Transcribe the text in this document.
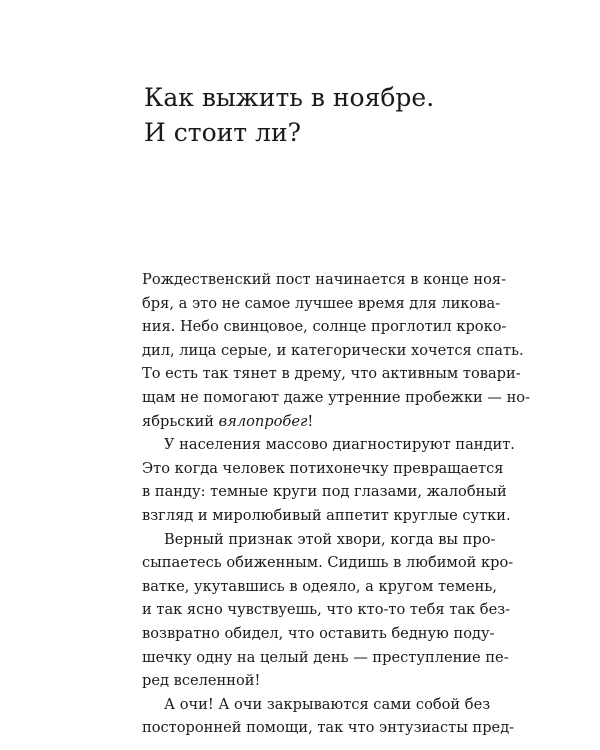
Как выжить в ноябре.
И стоит ли?
Рождественский пост начинается в конце ноя-
бря, а это не самое лучшее время для ликова-
ния. Небо свинцовое, солнце проглотил кроко-
дил, лица серые, и категорически хочется спать.
То есть так тянет в дрему, что активным товари-
щам не помогают даже утренние пробежки — но-
ябрьский вялопробег!
У населения массово диагностируют пандит.
Это когда человек потихонечку превращается
в панду: темные круги под глазами, жалобный
взгляд и миролюбивый аппетит круглые сутки.
Верный признак этой хвори, когда вы про-
сыпаетесь обиженным. Сидишь в любимой кро-
ватке, укутавшись в одеяло, а кругом темень,
и так ясно чувствуешь, что кто-то тебя так без-
возвратно обидел, что оставить бедную поду-
шечку одну на целый день — преступление пе-
ред вселенной!
А очи! А очи закрываются сами собой без
посторонней помощи, так что энтузиасты пред-
